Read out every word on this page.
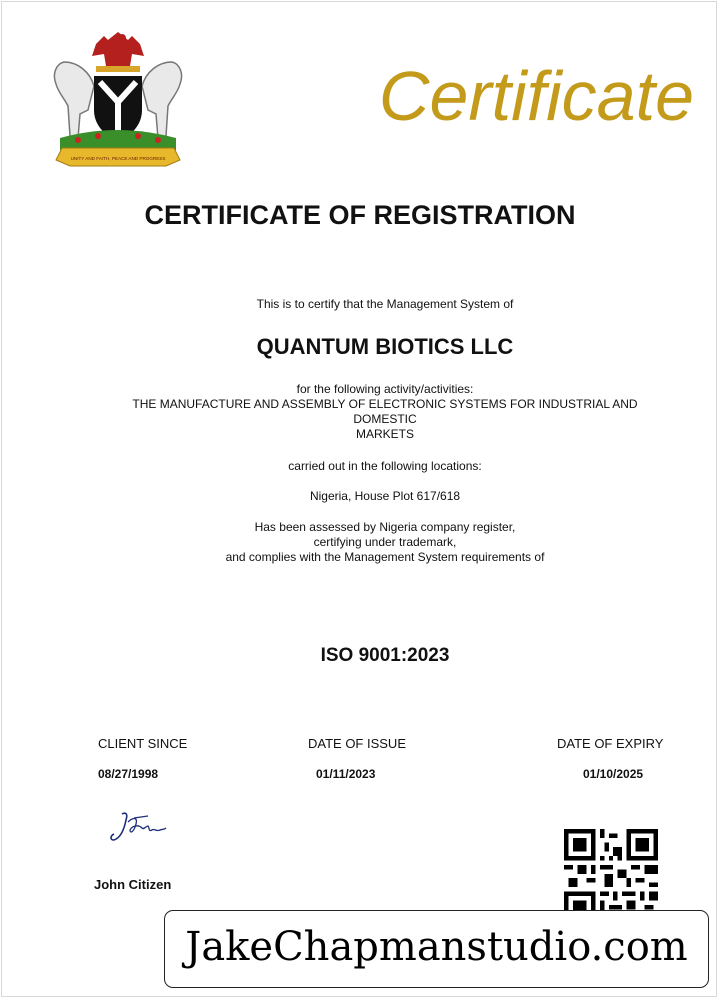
UNITY AND FAITH, PEACE AND PROGRESS
Certificate
CERTIFICATE OF REGISTRATION
This is to certify that the Management System of
QUANTUM BIOTICS LLC
for the following activity/activities:
THE MANUFACTURE AND ASSEMBLY OF ELECTRONIC SYSTEMS FOR INDUSTRIAL AND
DOMESTIC
MARKETS
carried out in the following locations:
Nigeria, House Plot 617/618
Has been assessed by Nigeria company register,
certifying under trademark,
and complies with the Management System requirements of
ISO 9001:2023
CLIENT SINCE	DATE OF ISSUE	DATE OF EXPIRY
08/27/1998	01/11/2023	01/10/2025
John Citizen
JakeChapmanstudio.com
